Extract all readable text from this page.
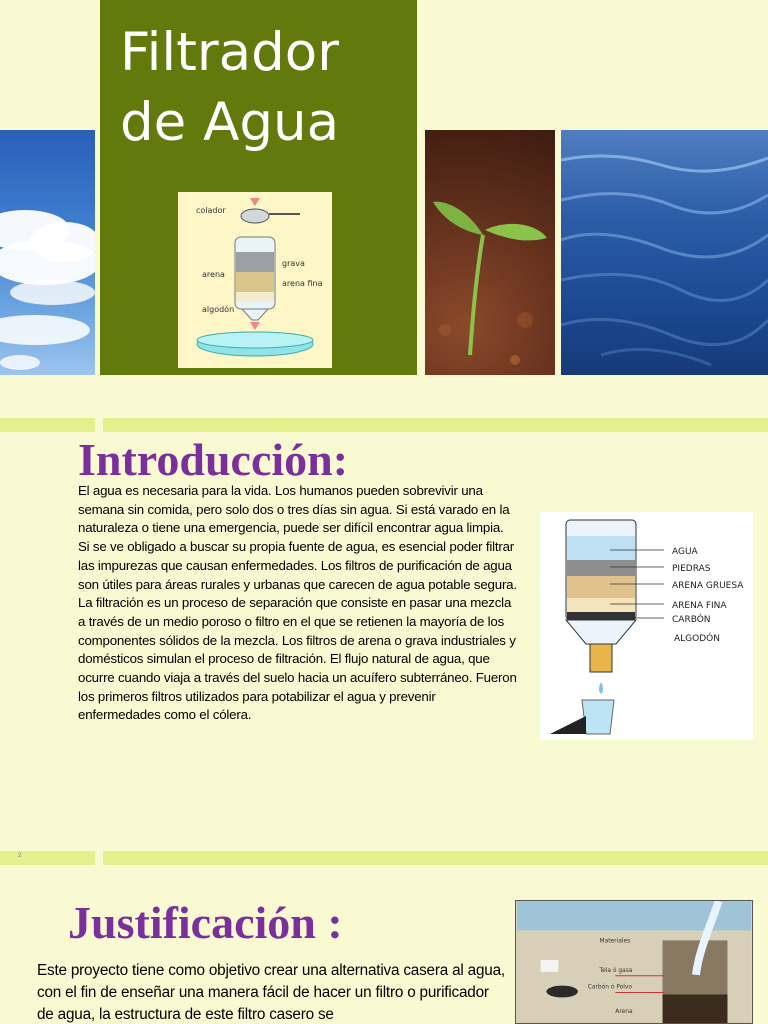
Filtrador
de Agua
colador
arena
grava
arena fina
algodón
Introducción:
El agua es necesaria para la vida. Los humanos pueden sobrevivir una semana sin comida, pero solo dos o tres días sin agua. Si está varado en la naturaleza o tiene una emergencia, puede ser difícil encontrar agua limpia. Si se ve obligado a buscar su propia fuente de agua, es esencial poder filtrar las impurezas que causan enfermedades. Los filtros de purificación de agua son útiles para áreas rurales y urbanas que carecen de agua potable segura.
La filtración es un proceso de separación que consiste en pasar una mezcla a través de un medio poroso o filtro en el que se retienen la mayoría de los componentes sólidos de la mezcla. Los filtros de arena o grava industriales y domésticos simulan el proceso de filtración. El flujo natural de agua, que ocurre cuando viaja a través del suelo hacia un acuífero subterráneo. Fueron los primeros filtros utilizados para potabilizar el agua y prevenir enfermedades como el cólera.
AGUA
PIEDRAS
ARENA GRUESA
ARENA FINA
CARBÓN
ALGODÓN
2
Justificación :
Este proyecto tiene como objetivo crear una alternativa casera al agua, con el fin de enseñar una manera fácil de hacer un filtro o purificador de agua, la estructura de este filtro casero se
Materiales
Tela ó gasa
Carbón ó Polvo
Arena
